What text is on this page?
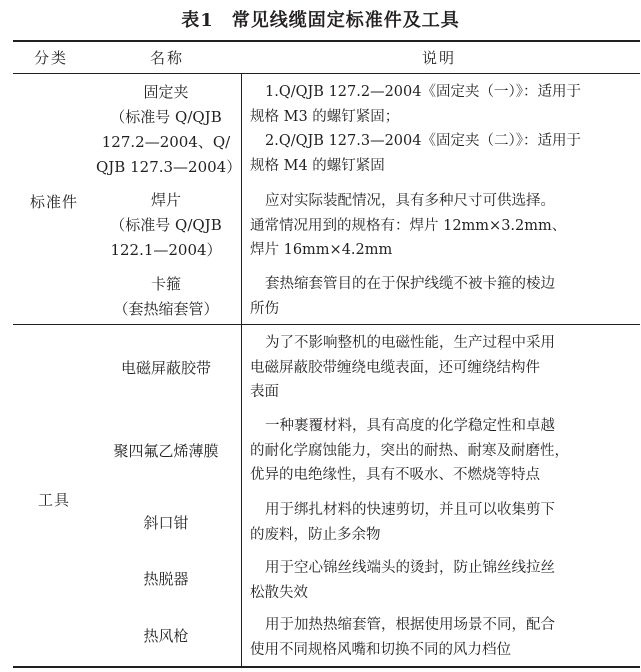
表1 常见线缆固定标准件及工具
分类	名称	说明
标准件
工具
固定夹
（标准号 Q/QJB
127.2—2004、Q/
QJB 127.3—2004）
1.Q/QJB 127.2—2004《固定夹（一）》：适用于
规格 M3 的螺钉紧固；
2.Q/QJB 127.3—2004《固定夹（二）》：适用于
规格 M4 的螺钉紧固
焊片
（标准号 Q/QJB
122.1—2004）
应对实际装配情况，具有多种尺寸可供选择。
通常情况用到的规格有：焊片 12mm×3.2mm、
焊片 16mm×4.2mm
卡箍
（套热缩套管）
套热缩套管目的在于保护线缆不被卡箍的棱边
所伤
电磁屏蔽胶带
为了不影响整机的电磁性能，生产过程中采用
电磁屏蔽胶带缠绕电缆表面，还可缠绕结构件
表面
聚四氟乙烯薄膜
一种裹覆材料，具有高度的化学稳定性和卓越
的耐化学腐蚀能力，突出的耐热、耐寒及耐磨性，
优异的电绝缘性，具有不吸水、不燃烧等特点
斜口钳
用于绑扎材料的快速剪切，并且可以收集剪下
的废料，防止多余物
热脱器
用于空心锦丝线端头的烫封，防止锦丝线拉丝
松散失效
热风枪
用于加热热缩套管，根据使用场景不同，配合
使用不同规格风嘴和切换不同的风力档位
